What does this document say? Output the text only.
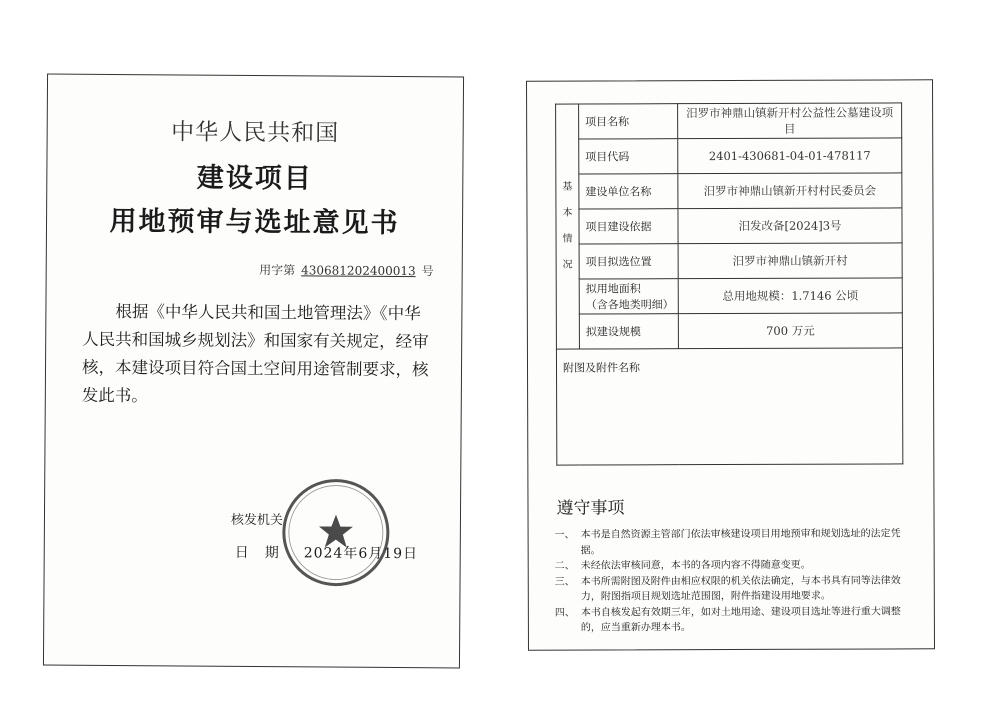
中华人民共和国
建设项目
用地预审与选址意见书
用字第 430681202400013 号
根据《中华人民共和国土地管理法》《中华人民共和国城乡规划法》和国家有关规定，经审核，本建设项目符合国土空间用途管制要求，核发此书。
核发机关
日　期 2024年6月19日
基
本
情
况	项目名称	汨罗市神鼎山镇新开村公益性公墓建设项目
	项目代码	2401-430681-04-01-478117
	建设单位名称	汨罗市神鼎山镇新开村村民委员会
	项目建设依据	汨发改备[2024]3号
	项目拟选位置	汨罗市神鼎山镇新开村
	拟用地面积
（含各地类明细）	总用地规模：1.7146 公顷
	拟建设规模	700 万元
附图及附件名称		
遵守事项
一、 本书是自然资源主管部门依法审核建设项目用地预审和规划选址的法定凭据。
二、 未经依法审核同意，本书的各项内容不得随意变更。
三、 本书所需附图及附件由相应权限的机关依法确定，与本书具有同等法律效力，附图指项目规划选址范围图，附件指建设用地要求。
四、 本书自核发起有效期三年，如对土地用途、建设项目选址等进行重大调整的，应当重新办理本书。
